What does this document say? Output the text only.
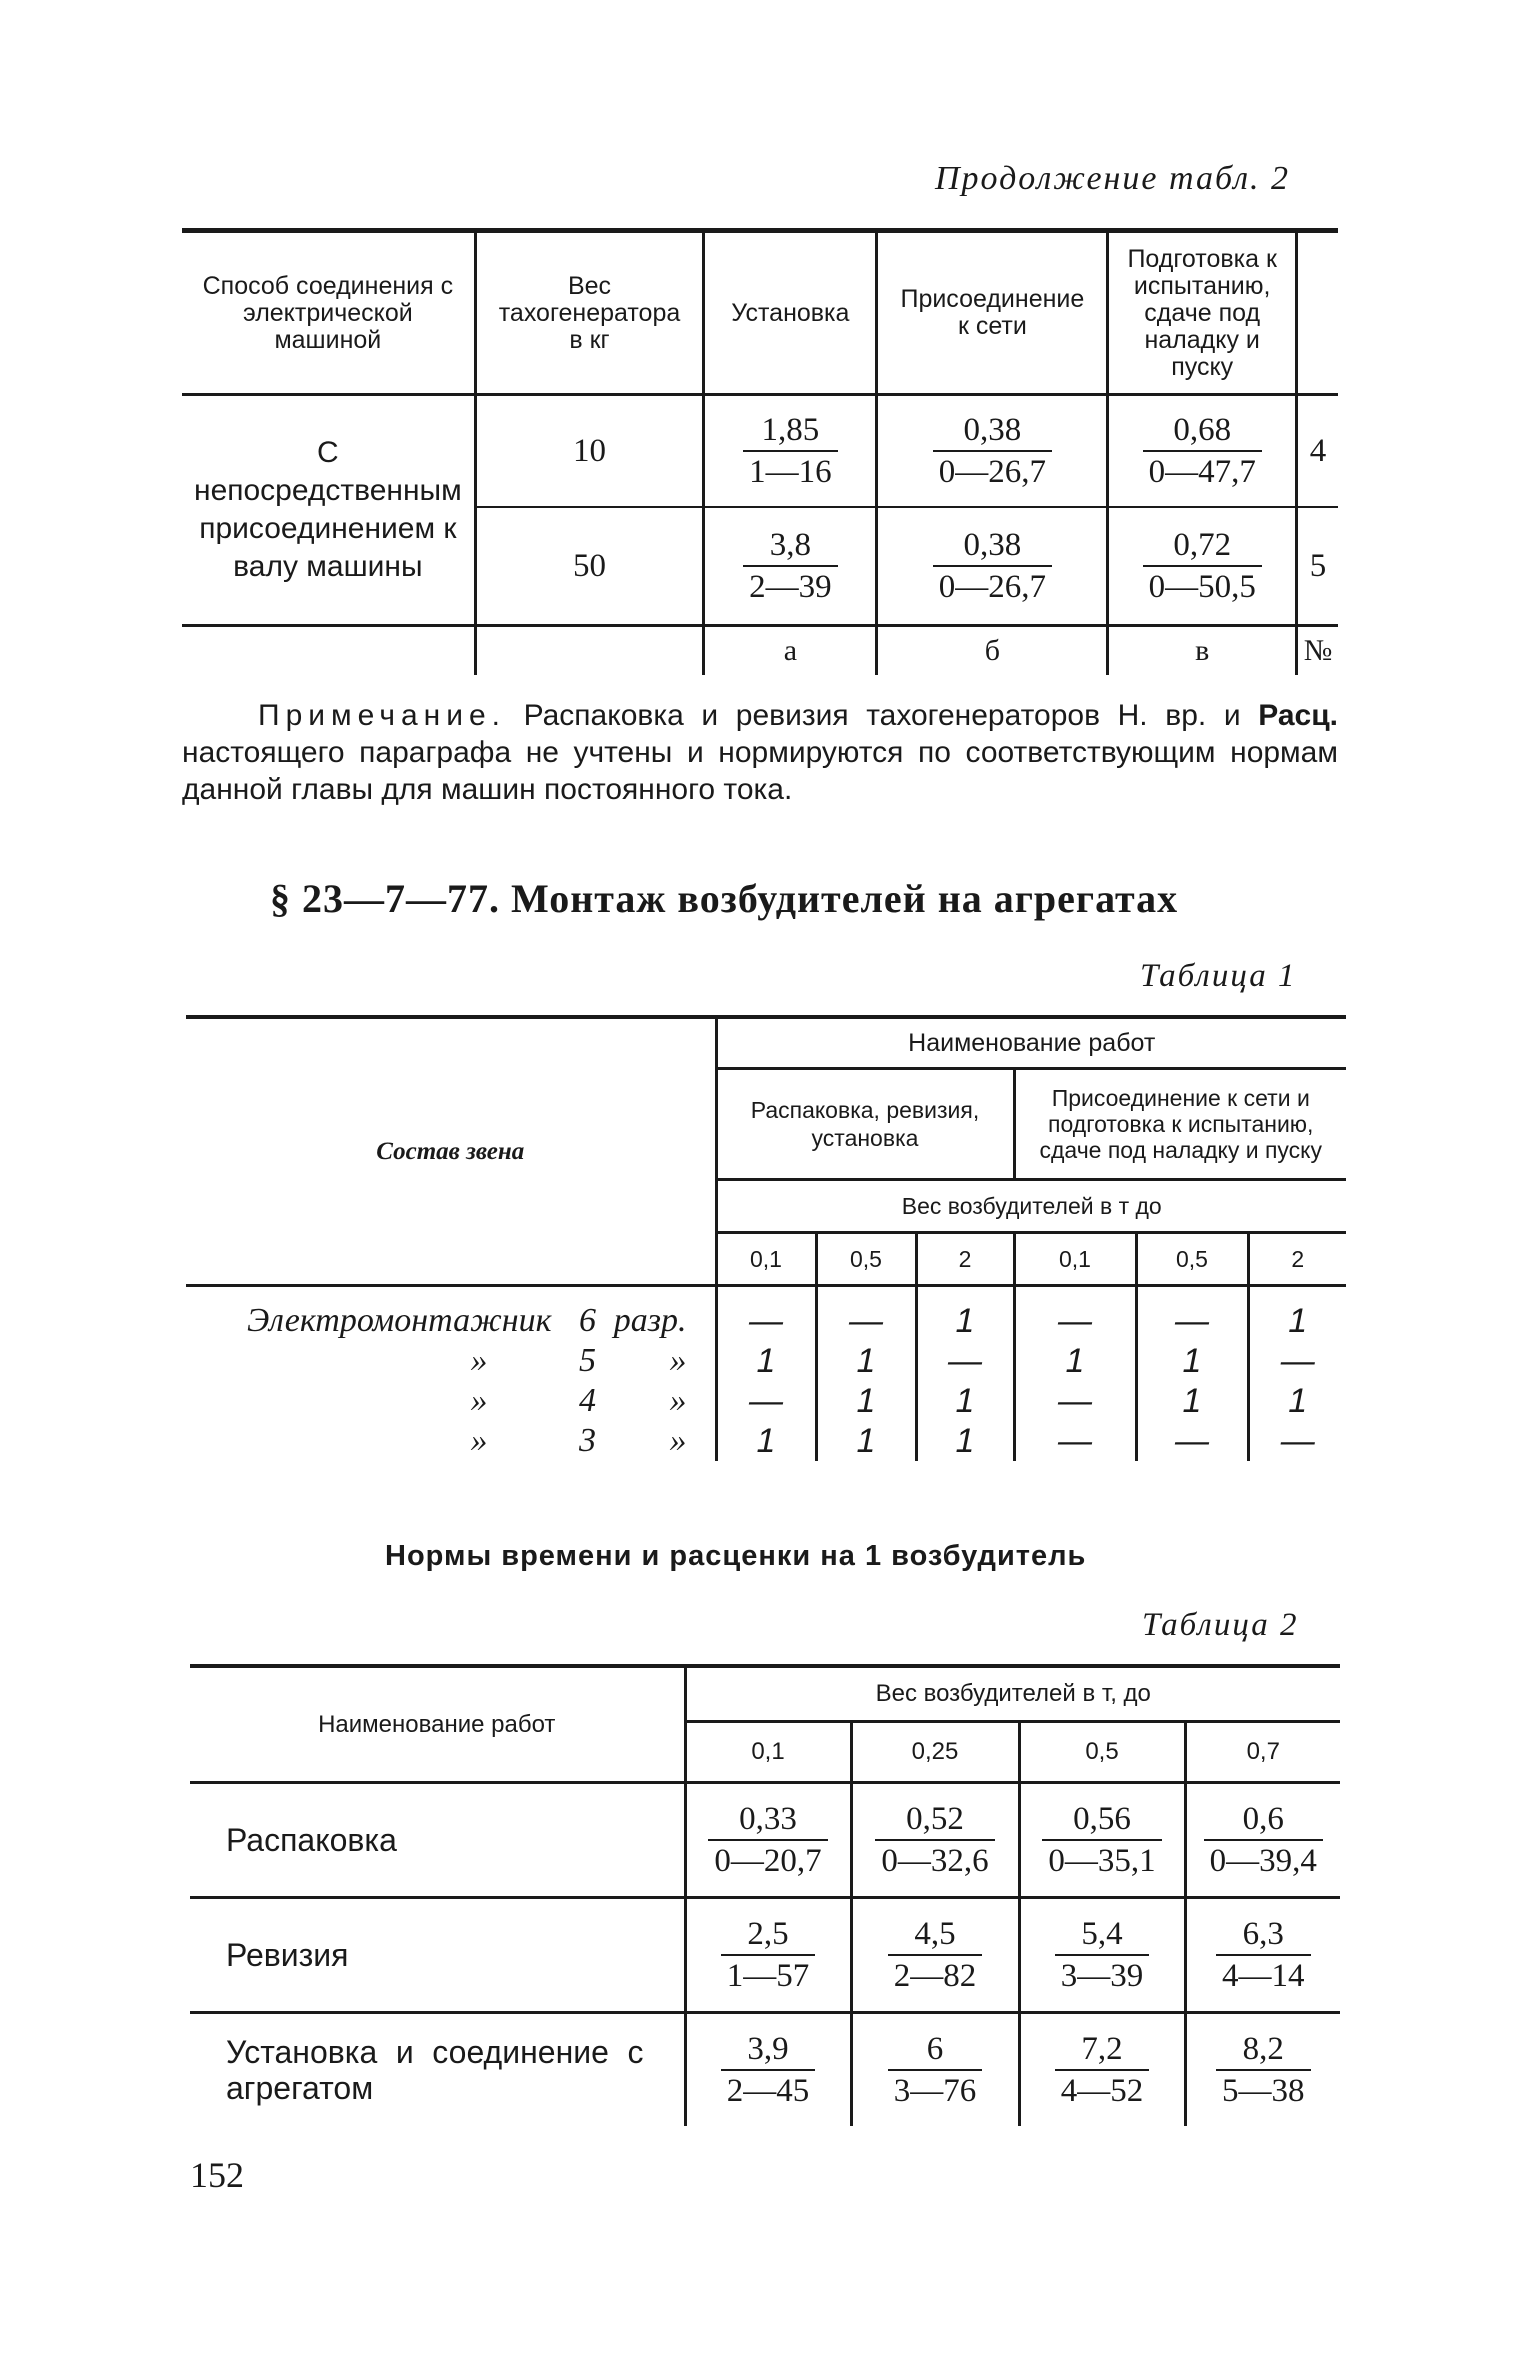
Продолжение табл. 2
Способ соединения с электрической машиной	Вес тахогенератора в кг	Установка	Присоединение к сети	Подготовка к испытанию, сдаче под наладку и пуску	
С непосредственным присоединением к валу машины	10	$\frac{1,85}{1—16}$	$\frac{0,38}{0—26,7}$	$\frac{0,68}{0—47,7}$	4
	50	$\frac{3,8}{2—39}$	$\frac{0,38}{0—26,7}$	$\frac{0,72}{0—50,5}$	5
		а	б	в	№
Примечание. Распаковка и ревизия тахогенераторов Н. вр. и Расц. настоящего параграфа не учтены и нормируются по соответствующим нормам данной главы для машин постоянного тока.
§ 23—7—77. Монтаж возбудителей на агрегатах
Таблица 1
Состав звена	Наименование работ					
	Распаковка, ревизия, установка			Присоединение к сети и подготовка к испытанию, сдаче под наладку и пуску		
	Вес возбудителей в т до					
	0,1	0,5	2	0,1	0,5	2
Электромонтажник 6 разр.	—	—	1	—	—	1
» 5 »	1	1	—	1	1	—
» 4 »	—	1	1	—	1	1
» 3 »	1	1	1	—	—	—
Нормы времени и расценки на 1 возбудитель
Таблица 2
Наименование работ	Вес возбудителей в т, до			
	0,1	0,25	0,5	0,7
Распаковка	$\frac{0,33}{0—20,7}$	$\frac{0,52}{0—32,6}$	$\frac{0,56}{0—35,1}$	$\frac{0,6}{0—39,4}$

Ревизия	$\frac{2,5}{1—57}$	$\frac{4,5}{2—82}$	$\frac{5,4}{3—39}$	$\frac{6,3}{4—14}$

Установка и соединение с агрегатом	$\frac{3,9}{2—45}$	$\frac{6}{3—76}$	$\frac{7,2}{4—52}$	$\frac{8,2}{5—38}$
152
